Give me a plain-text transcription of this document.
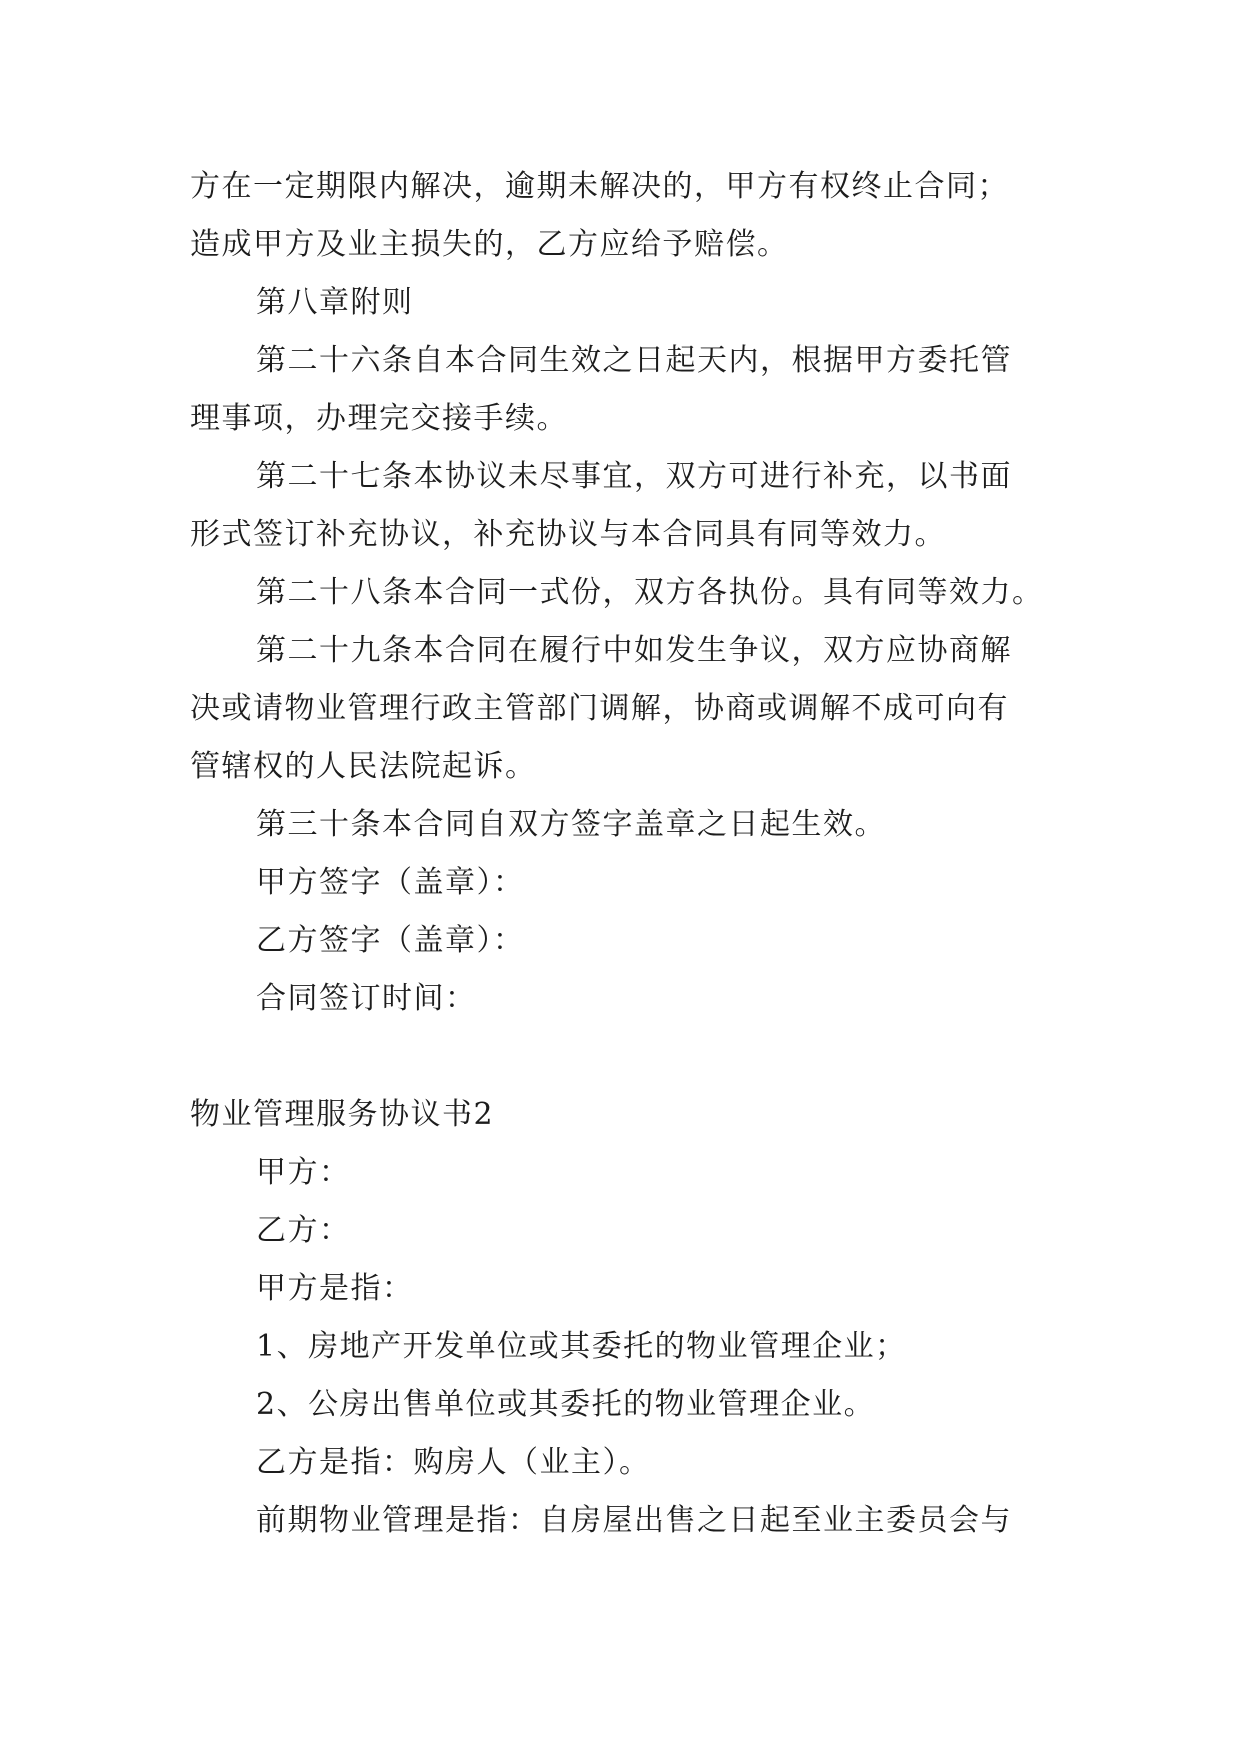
方在一定期限内解决，逾期未解决的，甲方有权终止合同；
造成甲方及业主损失的，乙方应给予赔偿。
第八章附则
第二十六条自本合同生效之日起天内，根据甲方委托管
理事项，办理完交接手续。
第二十七条本协议未尽事宜，双方可进行补充，以书面
形式签订补充协议，补充协议与本合同具有同等效力。
第二十八条本合同一式份，双方各执份。具有同等效力。
第二十九条本合同在履行中如发生争议，双方应协商解
决或请物业管理行政主管部门调解，协商或调解不成可向有
管辖权的人民法院起诉。
第三十条本合同自双方签字盖章之日起生效。
甲方签字（盖章）：
乙方签字（盖章）：
合同签订时间：
物业管理服务协议书2
甲方：
乙方：
甲方是指：
1、房地产开发单位或其委托的物业管理企业；
2、公房出售单位或其委托的物业管理企业。
乙方是指：购房人（业主）。
前期物业管理是指：自房屋出售之日起至业主委员会与
